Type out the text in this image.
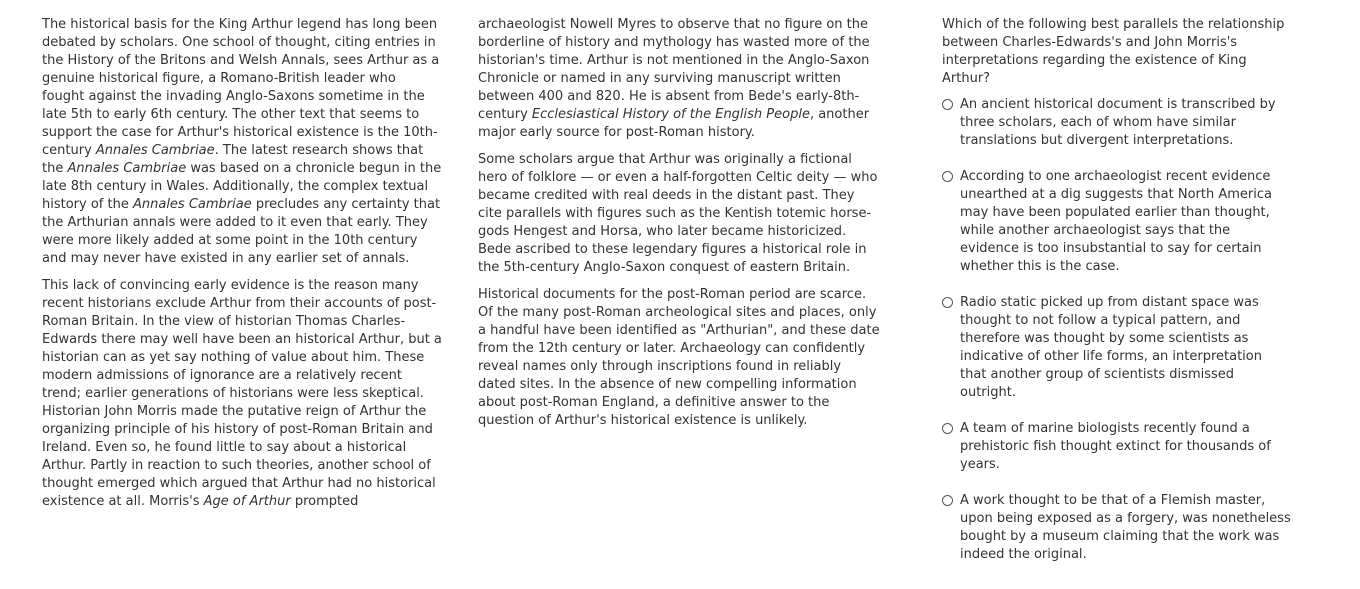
The historical basis for the King Arthur legend has long been debated by scholars. One school of thought, citing entries in the History of the Britons and Welsh Annals, sees Arthur as a genuine historical figure, a Romano-British leader who fought against the invading Anglo-Saxons sometime in the late 5th to early 6th century. The other text that seems to support the case for Arthur's historical existence is the 10th-century Annales Cambriae. The latest research shows that the Annales Cambriae was based on a chronicle begun in the late 8th century in Wales. Additionally, the complex textual history of the Annales Cambriae precludes any certainty that the Arthurian annals were added to it even that early. They were more likely added at some point in the 10th century and may never have existed in any earlier set of annals.

This lack of convincing early evidence is the reason many recent historians exclude Arthur from their accounts of post-Roman Britain. In the view of historian Thomas Charles-Edwards there may well have been an historical Arthur, but a historian can as yet say nothing of value about him. These modern admissions of ignorance are a relatively recent trend; earlier generations of historians were less skeptical. Historian John Morris made the putative reign of Arthur the organizing principle of his history of post-Roman Britain and Ireland. Even so, he found little to say about a historical Arthur. Partly in reaction to such theories, another school of thought emerged which argued that Arthur had no historical existence at all. Morris's Age of Arthur prompted

archaeologist Nowell Myres to observe that no figure on the borderline of history and mythology has wasted more of the historian's time. Arthur is not mentioned in the Anglo-Saxon Chronicle or named in any surviving manuscript written between 400 and 820. He is absent from Bede's early-8th-century Ecclesiastical History of the English People, another major early source for post-Roman history.

Some scholars argue that Arthur was originally a fictional hero of folklore — or even a half-forgotten Celtic deity — who became credited with real deeds in the distant past. They cite parallels with figures such as the Kentish totemic horse-gods Hengest and Horsa, who later became historicized. Bede ascribed to these legendary figures a historical role in the 5th-century Anglo-Saxon conquest of eastern Britain.

Historical documents for the post-Roman period are scarce. Of the many post-Roman archeological sites and places, only a handful have been identified as "Arthurian", and these date from the 12th century or later. Archaeology can confidently reveal names only through inscriptions found in reliably dated sites. In the absence of new compelling information about post-Roman England, a definitive answer to the question of Arthur's historical existence is unlikely.

Which of the following best parallels the relationship between Charles-Edwards's and John Morris's interpretations regarding the existence of King Arthur?
An ancient historical document is transcribed by three scholars, each of whom have similar translations but divergent interpretations.
According to one archaeologist recent evidence unearthed at a dig suggests that North America may have been populated earlier than thought, while another archaeologist says that the evidence is too insubstantial to say for certain whether this is the case.
Radio static picked up from distant space was thought to not follow a typical pattern, and therefore was thought by some scientists as indicative of other life forms, an interpretation that another group of scientists dismissed outright.
A team of marine biologists recently found a prehistoric fish thought extinct for thousands of years.
A work thought to be that of a Flemish master, upon being exposed as a forgery, was nonetheless bought by a museum claiming that the work was indeed the original.
